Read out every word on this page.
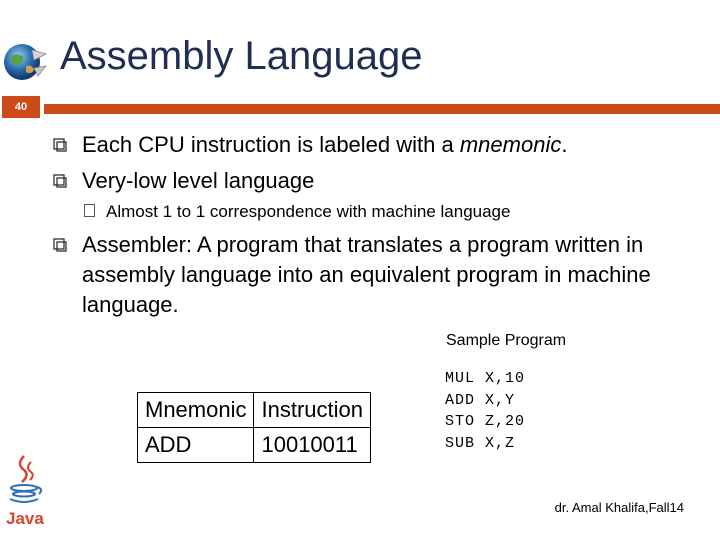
Assembly Language
40
Each CPU instruction is labeled with a mnemonic.
Very-low level language
Almost 1 to 1 correspondence with machine language
Assembler: A program that translates a program written in assembly language into an equivalent program in machine language.
Sample Program
Mnemonic	Instruction
ADD	10010011
MUL X,10
ADD X,Y
STO Z,20
SUB X,Z
Java
dr. Amal Khalifa,Fall14
